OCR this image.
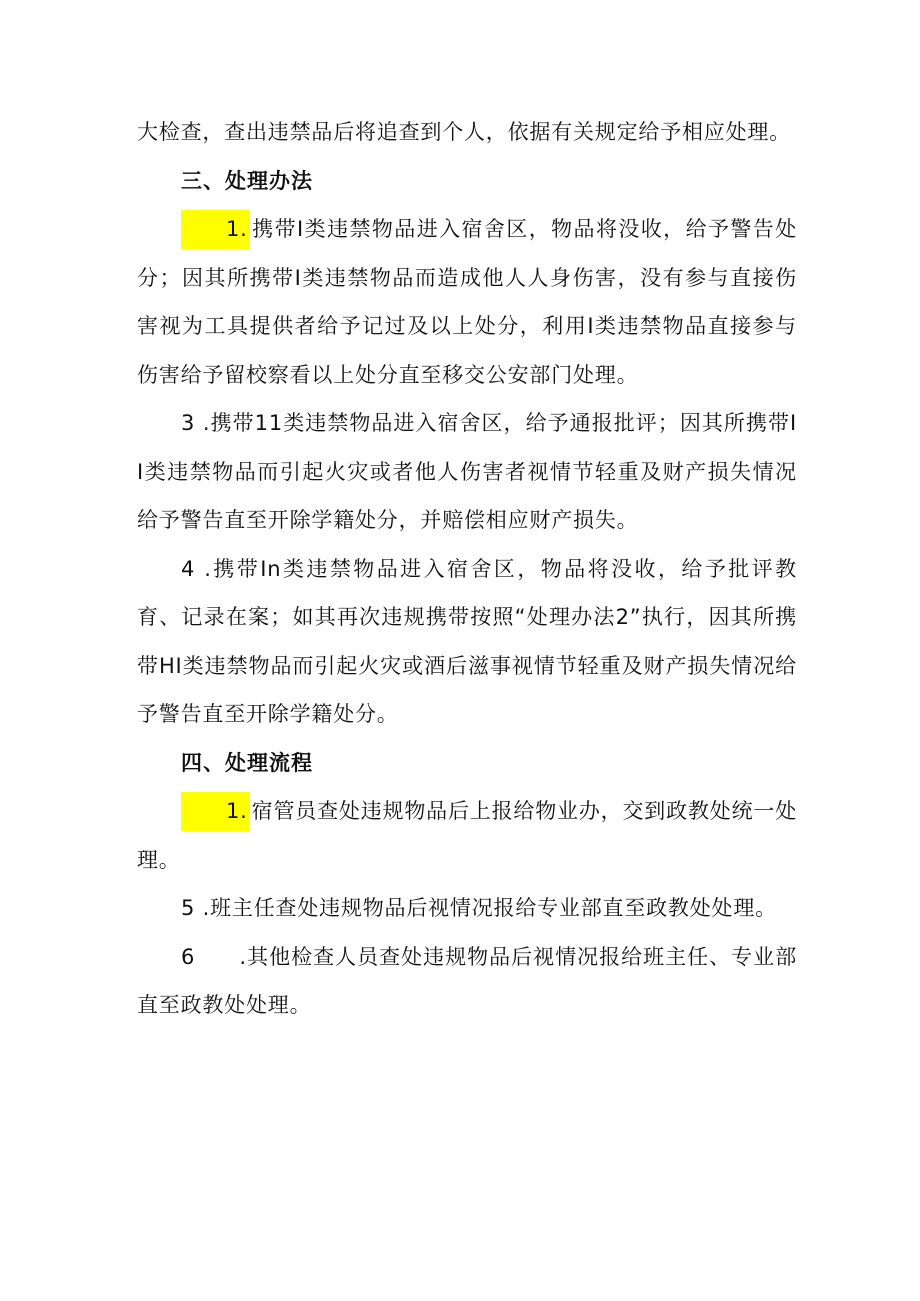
大检查，查出违禁品后将追查到个人，依据有关规定给予相应处理。

三、处理办法

1. 携带I类违禁物品进入宿舍区，物品将没收，给予警告处分；因其所携带I类违禁物品而造成他人人身伤害，没有参与直接伤害视为工具提供者给予记过及以上处分，利用I类违禁物品直接参与伤害给予留校察看以上处分直至移交公安部门处理。

3 .携带11类违禁物品进入宿舍区，给予通报批评；因其所携带II类违禁物品而引起火灾或者他人伤害者视情节轻重及财产损失情况给予警告直至开除学籍处分，并赔偿相应财产损失。

4 .携带In类违禁物品进入宿舍区，物品将没收，给予批评教育、记录在案；如其再次违规携带按照“处理办法2”执行，因其所携带HI类违禁物品而引起火灾或酒后滋事视情节轻重及财产损失情况给予警告直至开除学籍处分。

四、处理流程

1. 宿管员查处违规物品后上报给物业办，交到政教处统一处理。

5 .班主任查处违规物品后视情况报给专业部直至政教处处理。

6　　.其他检查人员查处违规物品后视情况报给班主任、专业部直至政教处处理。
